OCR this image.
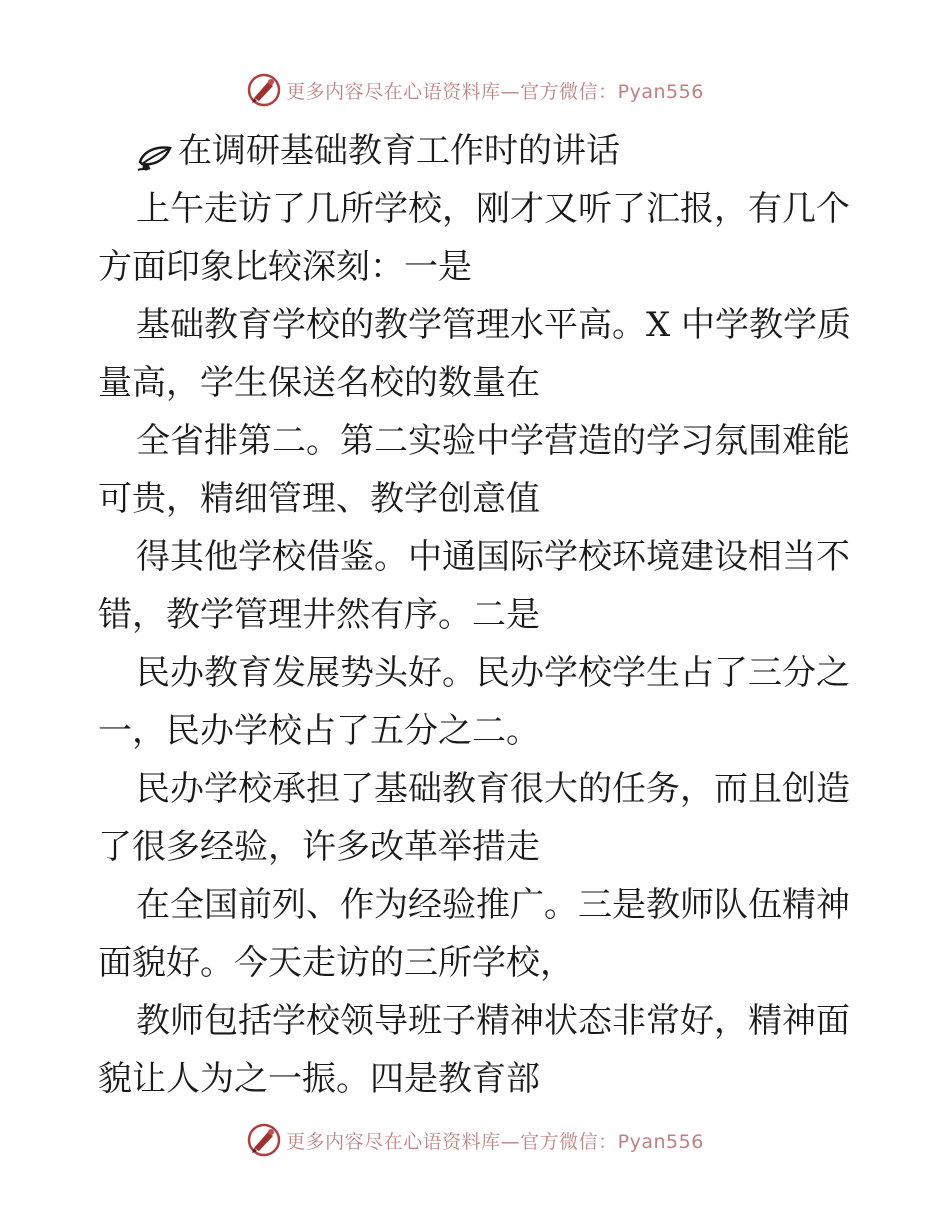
更多内容尽在心语资料库—官方微信：Pyan556
在调研基础教育工作时的讲话
上午走访了几所学校，刚才又听了汇报，有几个
方面印象比较深刻：一是
基础教育学校的教学管理水平高。X 中学教学质
量高，学生保送名校的数量在
全省排第二。第二实验中学营造的学习氛围难能
可贵，精细管理、教学创意值
得其他学校借鉴。中通国际学校环境建设相当不
错，教学管理井然有序。二是
民办教育发展势头好。民办学校学生占了三分之
一，民办学校占了五分之二。
民办学校承担了基础教育很大的任务，而且创造
了很多经验，许多改革举措走
在全国前列、作为经验推广。三是教师队伍精神
面貌好。今天走访的三所学校，
教师包括学校领导班子精神状态非常好，精神面
貌让人为之一振。四是教育部
更多内容尽在心语资料库—官方微信：Pyan556
